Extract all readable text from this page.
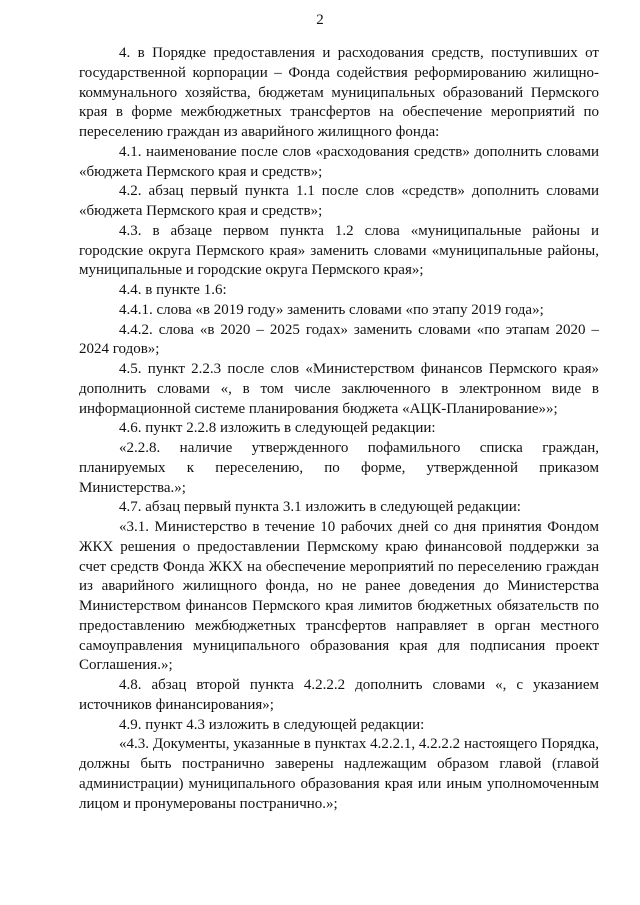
2

4. в Порядке предоставления и расходования средств, поступивших от государственной корпорации – Фонда содействия реформированию жилищно-коммунального хозяйства, бюджетам муниципальных образований Пермского края в форме межбюджетных трансфертов на обеспечение мероприятий по переселению граждан из аварийного жилищного фонда:

4.1. наименование после слов «расходования средств» дополнить словами «бюджета Пермского края и средств»;

4.2. абзац первый пункта 1.1 после слов «средств» дополнить словами «бюджета Пермского края и средств»;

4.3. в абзаце первом пункта 1.2 слова «муниципальные районы и городские округа Пермского края» заменить словами «муниципальные районы, муниципальные и городские округа Пермского края»;

4.4. в пункте 1.6:

4.4.1. слова «в 2019 году» заменить словами «по этапу 2019 года»;

4.4.2. слова «в 2020 – 2025 годах» заменить словами «по этапам 2020 – 2024 годов»;

4.5. пункт 2.2.3 после слов «Министерством финансов Пермского края» дополнить словами «, в том числе заключенного в электронном виде в информационной системе планирования бюджета «АЦК-Планирование»»;

4.6. пункт 2.2.8 изложить в следующей редакции:

«2.2.8. наличие утвержденного пофамильного списка граждан, планируемых к переселению, по форме, утвержденной приказом Министерства.»;

4.7. абзац первый пункта 3.1 изложить в следующей редакции:

«3.1. Министерство в течение 10 рабочих дней со дня принятия Фондом ЖКХ решения о предоставлении Пермскому краю финансовой поддержки за счет средств Фонда ЖКХ на обеспечение мероприятий по переселению граждан из аварийного жилищного фонда, но не ранее доведения до Министерства Министерством финансов Пермского края лимитов бюджетных обязательств по предоставлению межбюджетных трансфертов направляет в орган местного самоуправления муниципального образования края для подписания проект Соглашения.»;

4.8. абзац второй пункта 4.2.2.2 дополнить словами «, с указанием источников финансирования»;

4.9. пункт 4.3 изложить в следующей редакции:

«4.3. Документы, указанные в пунктах 4.2.2.1, 4.2.2.2 настоящего Порядка, должны быть постранично заверены надлежащим образом главой (главой администрации) муниципального образования края или иным уполномоченным лицом и пронумерованы постранично.»;
